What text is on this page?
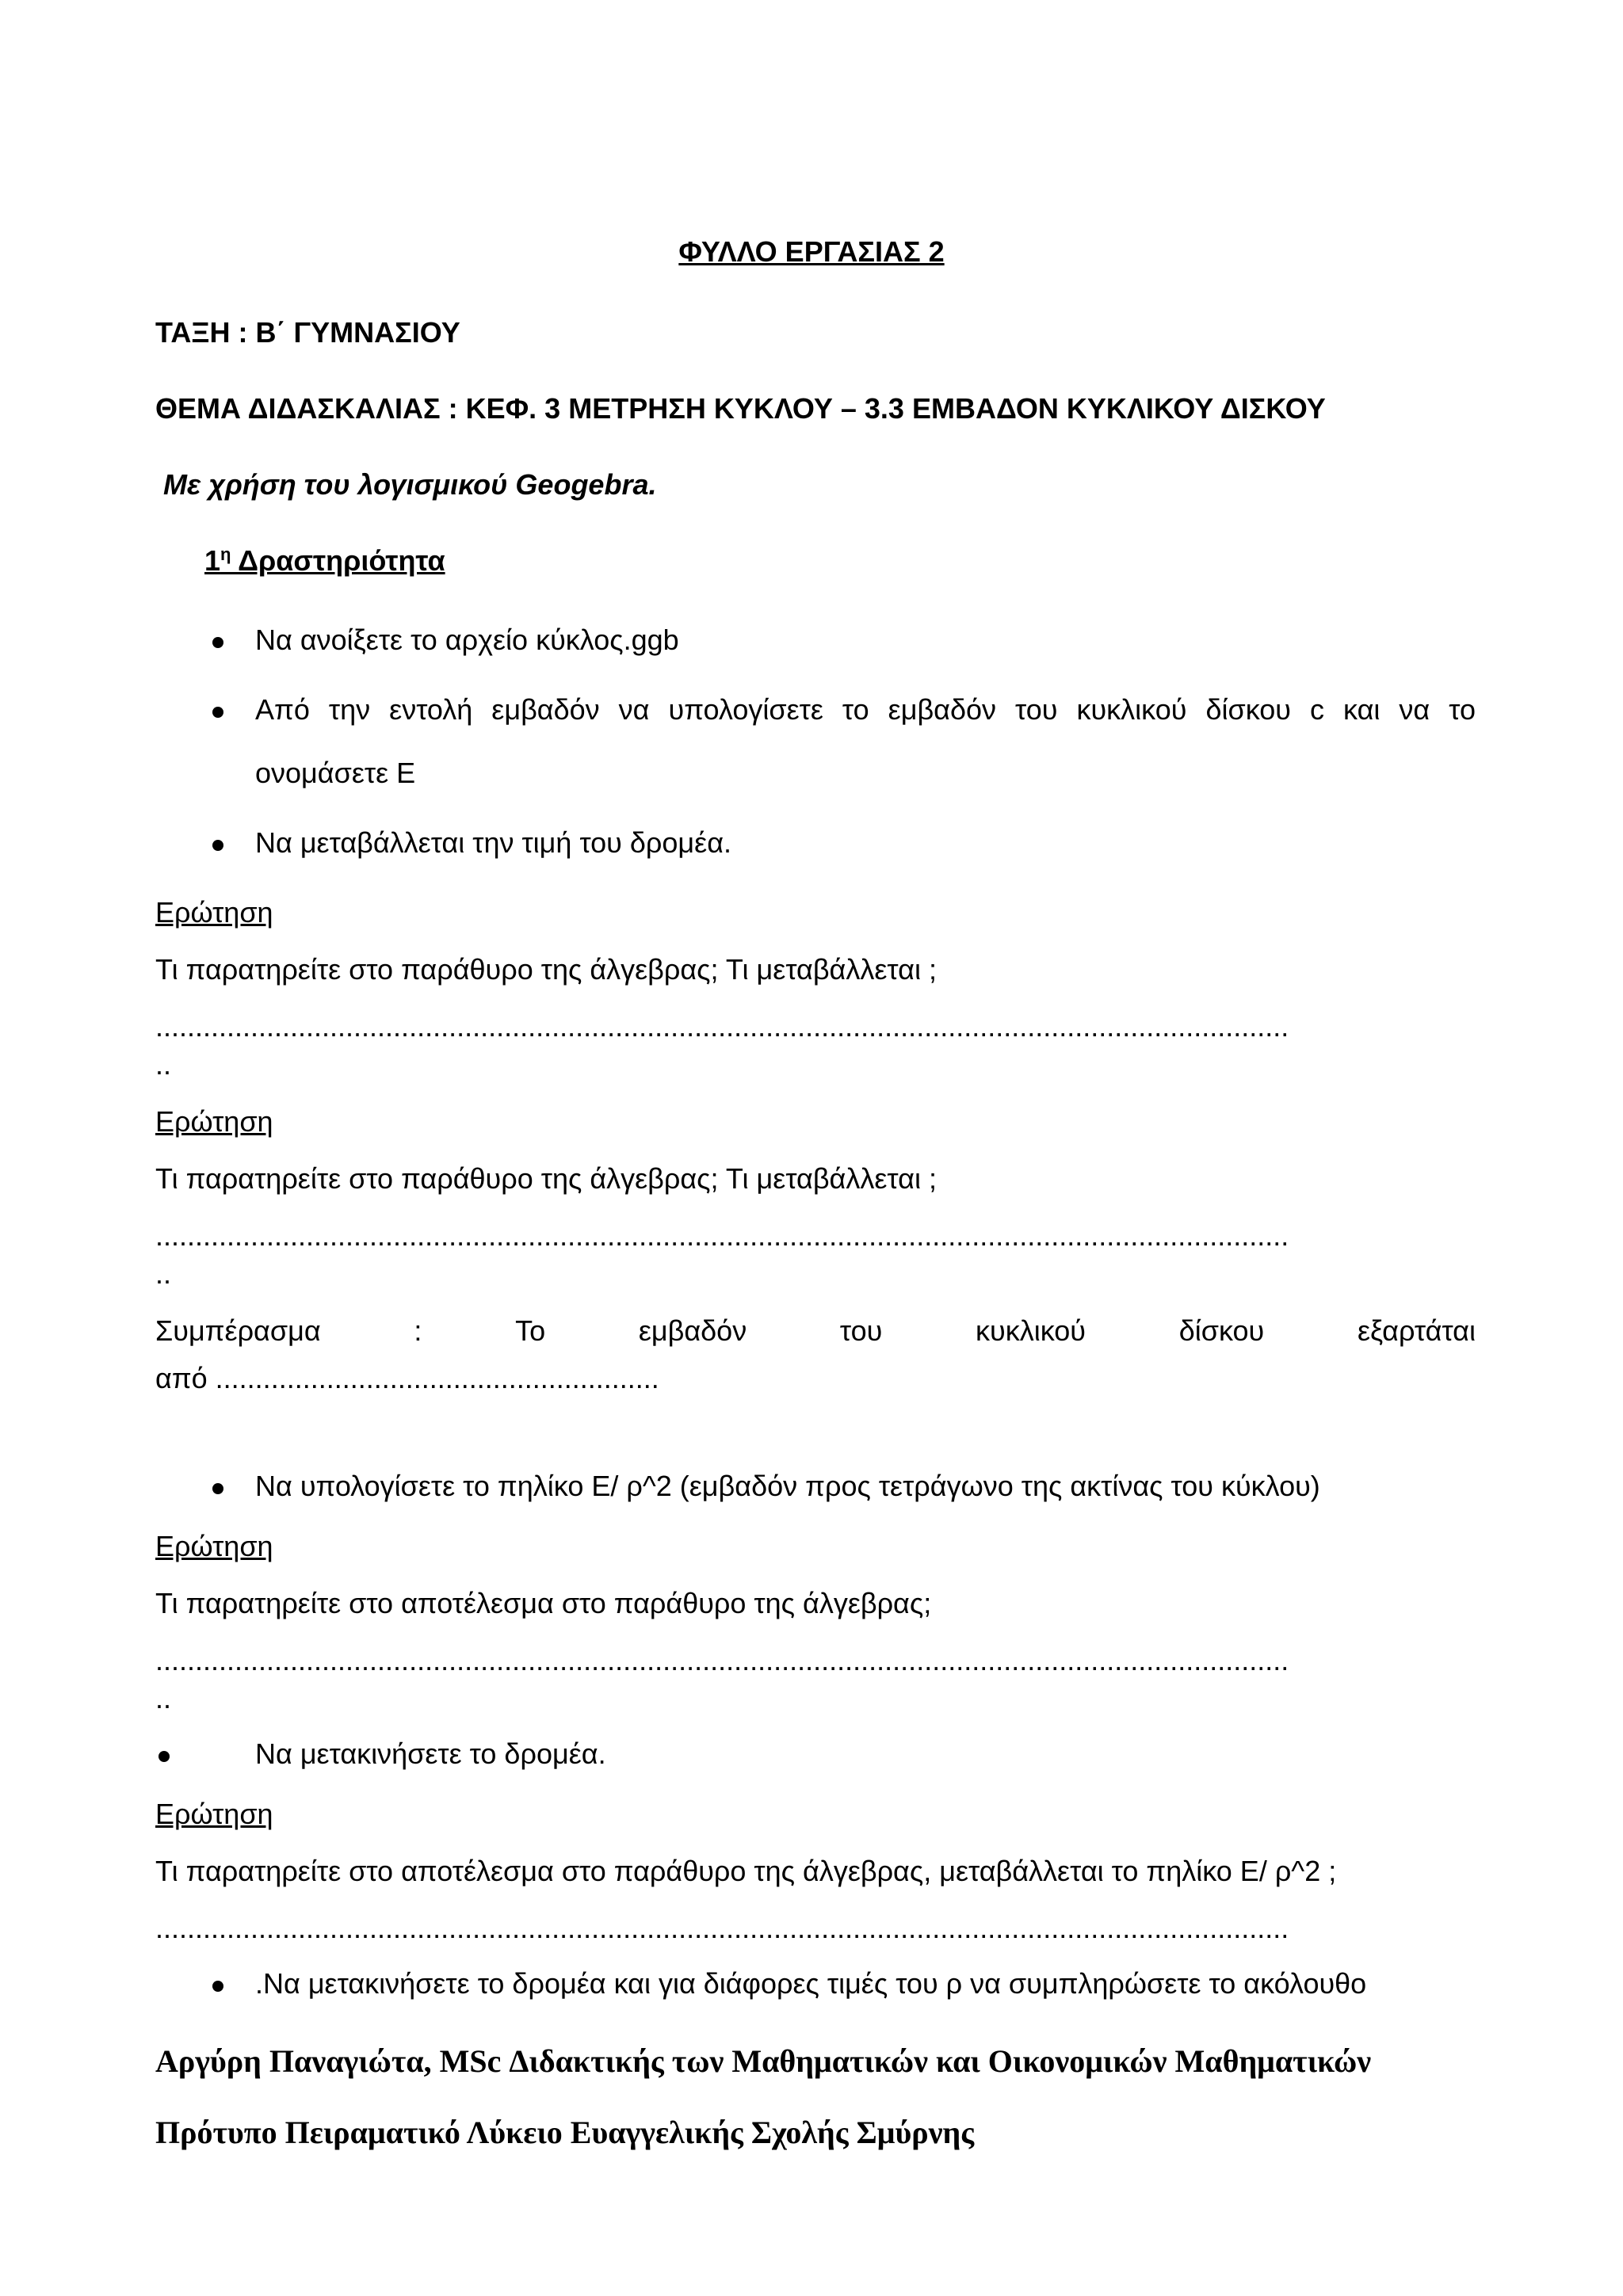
ΦΥΛΛΟ ΕΡΓΑΣΙΑΣ 2
ΤΑΞΗ : Β΄ ΓΥΜΝΑΣΙΟΥ
ΘΕΜΑ ΔΙΔΑΣΚΑΛΙΑΣ : ΚΕΦ. 3 ΜΕΤΡΗΣΗ ΚΥΚΛΟΥ – 3.3 ΕΜΒΑΔΟΝ ΚΥΚΛΙΚΟΥ ΔΙΣΚΟΥ
Με χρήση του λογισμικού Geogebra.
$1^\eta$ Δραστηριότητα
Να ανοίξετε το αρχείο κύκλος.ggb
Από την εντολή εμβαδόν να υπολογίσετε το εμβαδόν του κυκλικού δίσκου c και να το
ονομάσετε Ε
Να μεταβάλλεται την τιμή του δρομέα.
Ερώτηση
Τι παρατηρείτε στο παράθυρο της άλγεβρας; Τι μεταβάλλεται ;
...............................................................................................................................................
..
Ερώτηση
Τι παρατηρείτε στο παράθυρο της άλγεβρας; Τι μεταβάλλεται ;
...............................................................................................................................................
..
Συμπέρασμα	:	Το	εμβαδόν	του	κυκλικού	δίσκου	εξαρτάται
από ........................................................
Να υπολογίσετε το πηλίκο Ε/ ρ^2 (εμβαδόν προς τετράγωνο της ακτίνας του κύκλου)
Ερώτηση
Τι παρατηρείτε στο αποτέλεσμα στο παράθυρο της άλγεβρας;
...............................................................................................................................................
..
Να μετακινήσετε το δρομέα.
Ερώτηση
Τι παρατηρείτε στο αποτέλεσμα στο παράθυρο της άλγεβρας, μεταβάλλεται το πηλίκο Ε/ ρ^2 ;
...............................................................................................................................................
.Να μετακινήσετε το δρομέα και για διάφορες τιμές του ρ να συμπληρώσετε το ακόλουθο
Αργύρη Παναγιώτα, MSc Διδακτικής των Μαθηματικών και Οικονομικών Μαθηματικών
Πρότυπο Πειραματικό Λύκειο Ευαγγελικής Σχολής Σμύρνης
